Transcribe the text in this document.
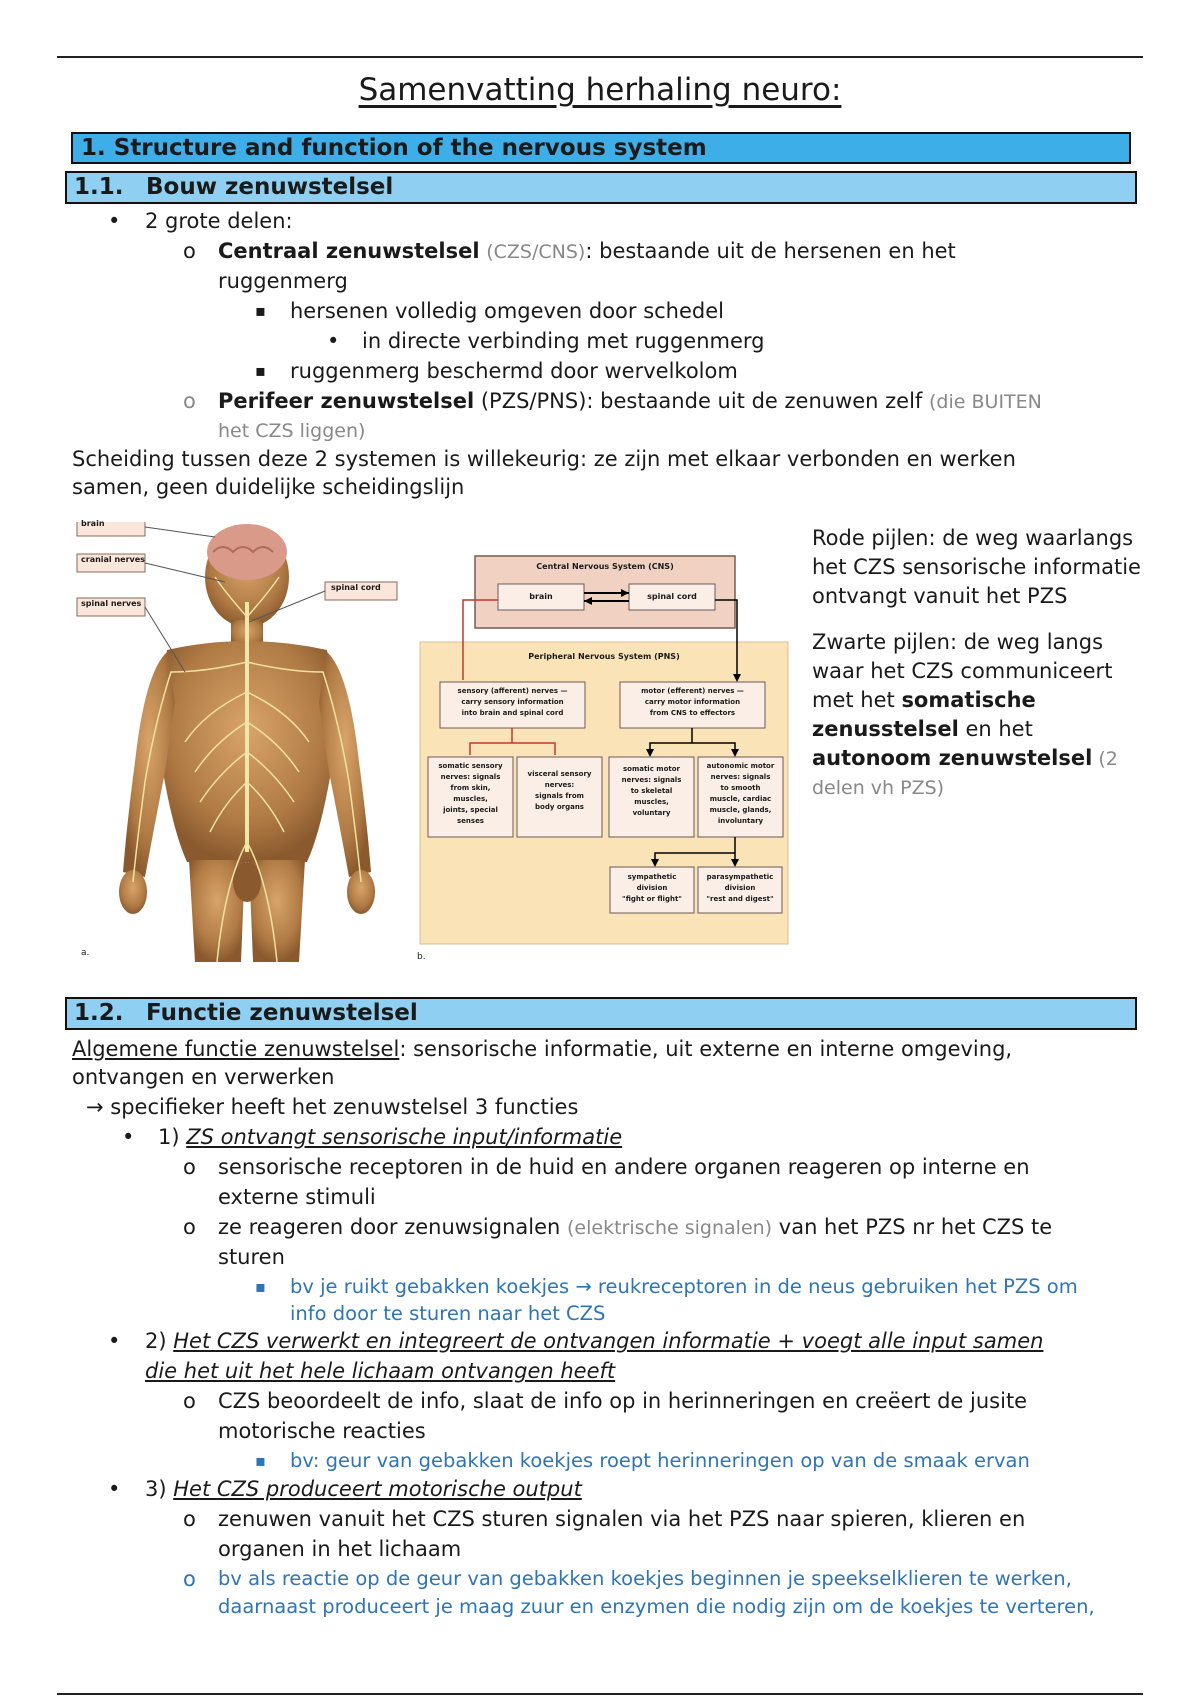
Samenvatting herhaling neuro:
1. Structure and function of the nervous system
1.1. Bouw zenuwstelsel
• 2 grote delen:
o Centraal zenuwstelsel (CZS/CNS): bestaande uit de hersenen en het
ruggenmerg
▪ hersenen volledig omgeven door schedel
• in directe verbinding met ruggenmerg
▪ ruggenmerg beschermd door wervelkolom
o Perifeer zenuwstelsel (PZS/PNS): bestaande uit de zenuwen zelf (die BUITEN
het CZS liggen)
Scheiding tussen deze 2 systemen is willekeurig: ze zijn met elkaar verbonden en werken
samen, geen duidelijke scheidingslijn
brain
cranial nerves
spinal nerves
spinal cord
a.
Central Nervous System (CNS)
brain	spinal cord
Peripheral Nervous System (PNS)
sensory (afferent) nerves —
carry sensory information
into brain and spinal cord
motor (efferent) nerves —
carry motor information
from CNS to effectors
somatic sensory
nerves: signals
from skin,
muscles,
joints, special
senses
visceral sensory
nerves:
signals from
body organs
somatic motor
nerves: signals
to skeletal
muscles,
voluntary
autonomic motor
nerves: signals
to smooth
muscle, cardiac
muscle, glands,
involuntary
sympathetic
division
"fight or flight"
parasympathetic
division
"rest and digest"
b.
Rode pijlen: de weg waarlangs
het CZS sensorische informatie
ontvangt vanuit het PZS
Zwarte pijlen: de weg langs
waar het CZS communiceert
met het somatische
zenusstelsel en het
autonoom zenuwstelsel (2
delen vh PZS)
1.2. Functie zenuwstelsel
Algemene functie zenuwstelsel: sensorische informatie, uit externe en interne omgeving,
ontvangen en verwerken
→ specifieker heeft het zenuwstelsel 3 functies
• 1) ZS ontvangt sensorische input/informatie
o sensorische receptoren in de huid en andere organen reageren op interne en
externe stimuli
o ze reageren door zenuwsignalen (elektrische signalen) van het PZS nr het CZS te
sturen
▪ bv je ruikt gebakken koekjes → reukreceptoren in de neus gebruiken het PZS om
info door te sturen naar het CZS
• 2) Het CZS verwerkt en integreert de ontvangen informatie + voegt alle input samen
die het uit het hele lichaam ontvangen heeft
o CZS beoordeelt de info, slaat de info op in herinneringen en creëert de jusite
motorische reacties
▪ bv: geur van gebakken koekjes roept herinneringen op van de smaak ervan
• 3) Het CZS produceert motorische output
o zenuwen vanuit het CZS sturen signalen via het PZS naar spieren, klieren en
organen in het lichaam
o bv als reactie op de geur van gebakken koekjes beginnen je speekselklieren te werken,
daarnaast produceert je maag zuur en enzymen die nodig zijn om de koekjes te verteren,
